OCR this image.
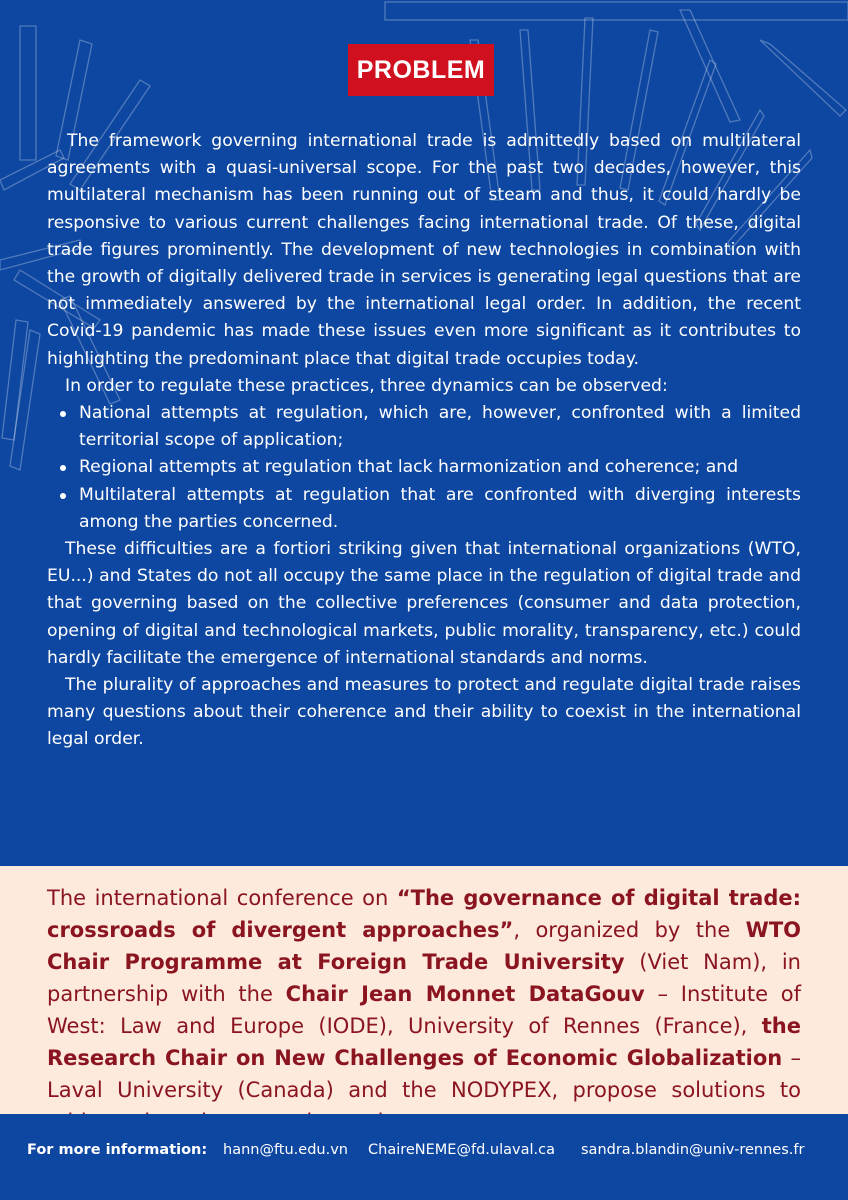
PROBLEM

The framework governing international trade is admittedly based on multilateral agreements with a quasi-universal scope. For the past two decades, however, this multilateral mechanism has been running out of steam and thus, it could hardly be responsive to various current challenges facing international trade. Of these, digital trade figures prominently. The development of new technologies in combination with the growth of digitally delivered trade in services is generating legal questions that are not immediately answered by the international legal order. In addition, the recent Covid-19 pandemic has made these issues even more significant as it contributes to highlighting the predominant place that digital trade occupies today.

In order to regulate these practices, three dynamics can be observed:

National attempts at regulation, which are, however, confronted with a limited territorial scope of application;
Regional attempts at regulation that lack harmonization and coherence; and
Multilateral attempts at regulation that are confronted with diverging interests among the parties concerned.

These difficulties are a fortiori striking given that international organizations (WTO, EU...) and States do not all occupy the same place in the regulation of digital trade and that governing based on the collective preferences (consumer and data protection, opening of digital and technological markets, public morality, transparency, etc.) could hardly facilitate the emergence of international standards and norms.

The plurality of approaches and measures to protect and regulate digital trade raises many questions about their coherence and their ability to coexist in the international legal order.

The international conference on “The governance of digital trade: crossroads of divergent approaches”, organized by the WTO Chair Programme at Foreign Trade University (Viet Nam), in partnership with the Chair Jean Monnet DataGouv – Institute of West: Law and Europe (IODE), University of Rennes (France), the Research Chair on New Challenges of Economic Globalization – Laval University (Canada) and the NODYPEX, propose solutions to

For more information: hann@ftu.edu.vn ChaireNEME@fd.ulaval.ca sandra.blandin@univ-rennes.fr
